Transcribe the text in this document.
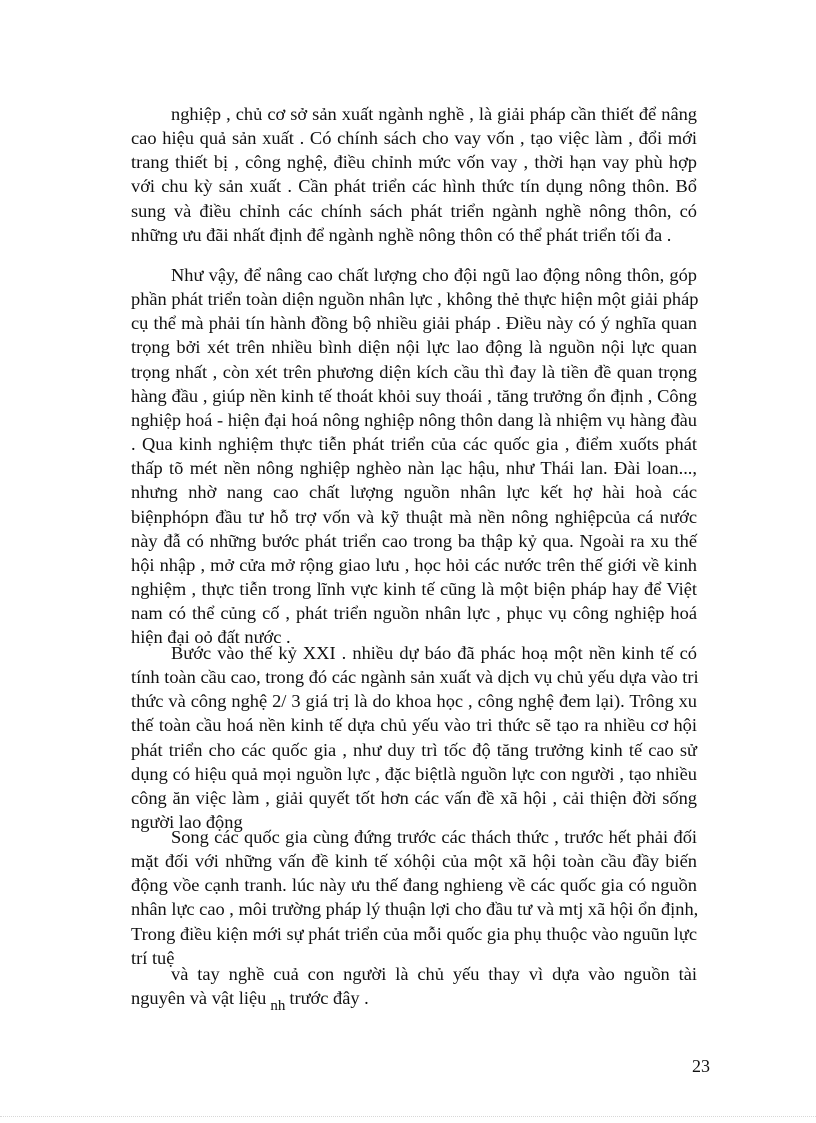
nghiệp , chủ cơ sở sản xuất ngành nghề , là giải pháp cần thiết để nâng
cao hiệu quả sản xuất . Có chính sách cho vay vốn , tạo việc làm , đổi mới
trang thiết bị , công nghệ, điều chỉnh mức vốn vay , thời hạn vay phù hợp
với chu kỳ sản xuất . Cần phát triển các hình thức tín dụng nông thôn. Bổ
sung và điều chỉnh các chính sách phát triển ngành nghề nông thôn, có
những ưu đãi nhất định để ngành nghề nông thôn có thể phát triển tối đa .
Như vậy, để nâng cao chất lượng cho đội ngũ lao động nông thôn, góp
phần phát triển toàn diện nguồn nhân lực , không thẻ thực hiện một giải pháp
cụ thể mà phải tín hành đồng bộ nhiều giải pháp . Điều này có ý nghĩa quan
trọng bởi xét trên nhiều bình diện nội lực lao động là nguồn nội lực quan
trọng nhất , còn xét trên phương diện kích cầu thì đay là tiền đề quan trọng
hàng đầu , giúp nền kinh tế thoát khỏi suy thoái , tăng trưởng ổn định , Công
nghiệp hoá - hiện đại hoá nông nghiệp nông thôn dang là nhiệm vụ hàng đàu
. Qua kinh nghiệm thực tiễn phát triển của các quốc gia , điểm xuốts phát
thấp tõ mét nền nông nghiệp nghèo nàn lạc hậu, như Thái lan. Đài loan...,
nhưng nhờ nang cao chất lượng nguồn nhân lực kết hợ hài hoà các
biệnphópn đầu tư hỗ trợ vốn và kỹ thuật mà nền nông nghiệpcủa cá nước
này đẫ có những bước phát triển cao trong ba thập kỷ qua. Ngoài ra xu thế
hội nhập , mở cửa mở rộng giao lưu , học hỏi các nước trên thế giới về kinh
nghiệm , thực tiễn trong lĩnh vực kinh tế cũng là một biện pháp hay để Việt
nam có thể củng cố , phát triển nguồn nhân lực , phục vụ công nghiệp hoá
hiện đại oỏ đất nước .
Bước vào thế kỷ XXI . nhiều dự báo đã phác hoạ một nền kinh tế có
tính toàn cầu cao, trong đó các ngành sản xuất và dịch vụ chủ yếu dựa vào tri
thức và công nghệ 2/ 3 giá trị là do khoa học , công nghệ đem lại). Trông xu
thế toàn cầu hoá nền kinh tế dựa chủ yếu vào tri thức sẽ tạo ra nhiều cơ hội
phát triển cho các quốc gia , như duy trì tốc độ tăng trưởng kinh tế cao sử
dụng có hiệu quả mọi nguồn lực , đặc biệtlà nguồn lực con người , tạo nhiều
công ăn việc làm , giải quyết tốt hơn các vấn đề xã hội , cải thiện đời sống
người lao động
Song các quốc gia cùng đứng trước các thách thức , trước hết phải đối
mặt đối với những vấn đề kinh tế xóhội của một xã hội toàn cầu đầy biến
động vồe cạnh tranh. lúc này ưu thế đang nghieng về các quốc gia có nguồn
nhân lực cao , môi trường pháp lý thuận lợi cho đầu tư và mtj xã hội ổn định,
Trong điều kiện mới sự phát triển của mỗi quốc gia phụ thuộc vào nguũn lực
trí tuệ
và tay nghề cuả con người là chủ yếu thay vì dựa vào nguồn tài
nguyên và vật liệu $_{nh}$ trước đây .
23
